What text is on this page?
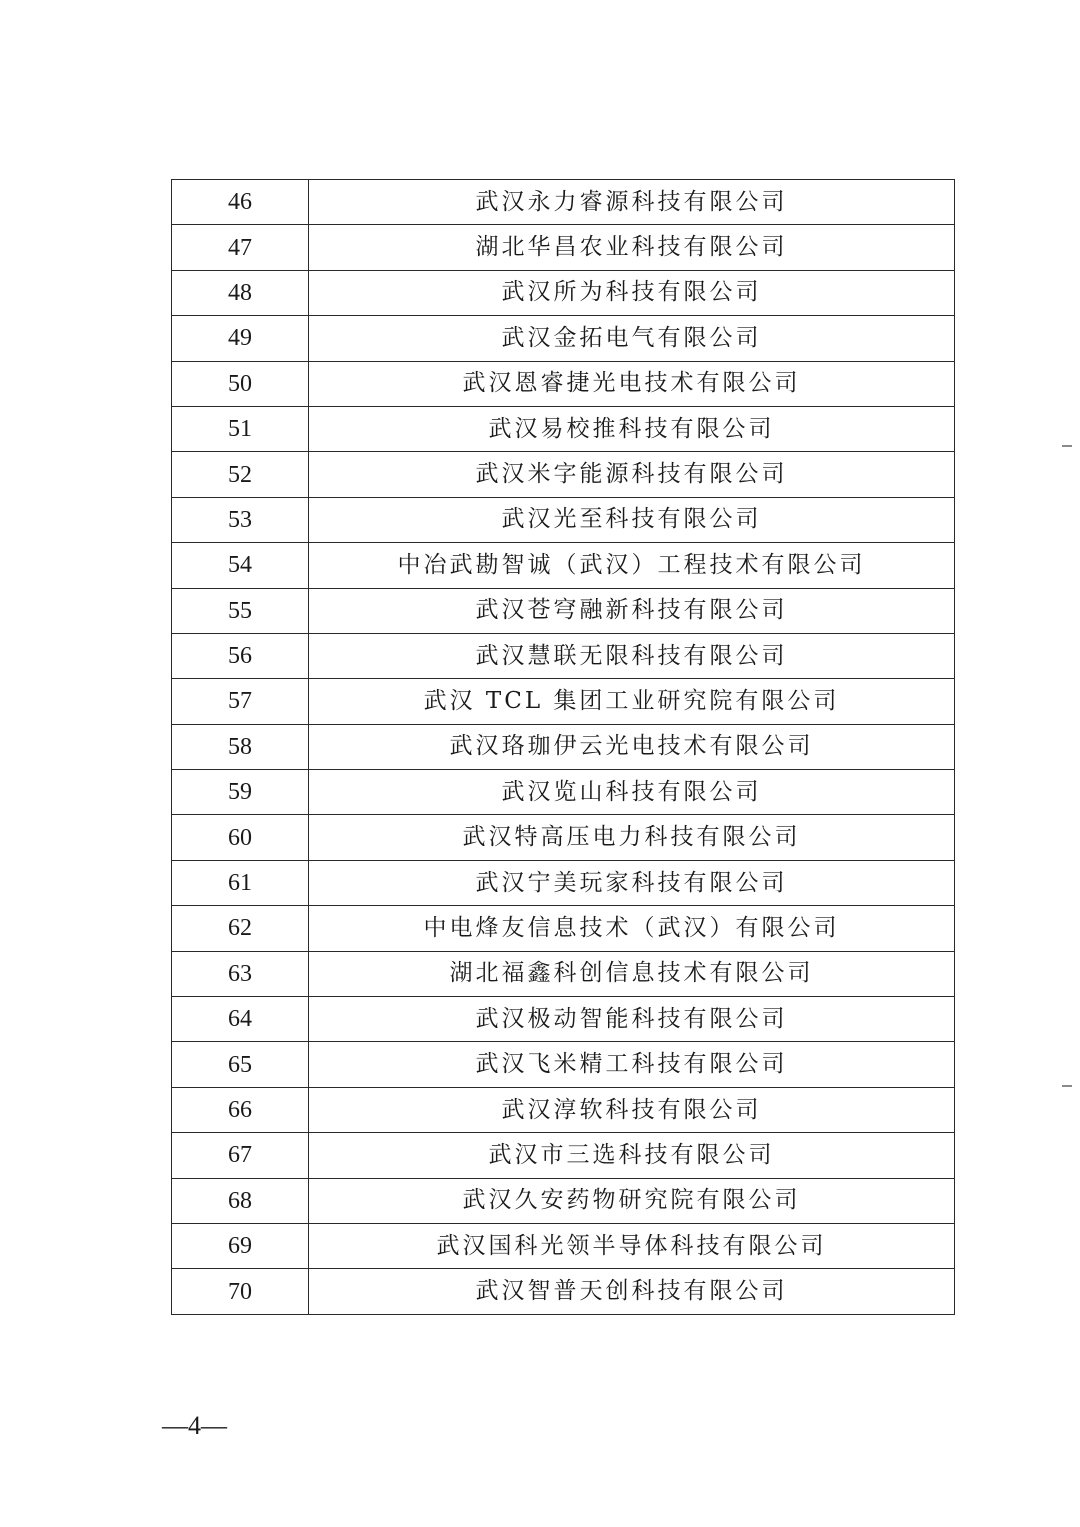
46	武汉永力睿源科技有限公司
47	湖北华昌农业科技有限公司
48	武汉所为科技有限公司
49	武汉金拓电气有限公司
50	武汉恩睿捷光电技术有限公司
51	武汉易校推科技有限公司
52	武汉米字能源科技有限公司
53	武汉光至科技有限公司
54	中冶武勘智诚（武汉）工程技术有限公司
55	武汉苍穹融新科技有限公司
56	武汉慧联无限科技有限公司
57	武汉 TCL 集团工业研究院有限公司
58	武汉珞珈伊云光电技术有限公司
59	武汉览山科技有限公司
60	武汉特高压电力科技有限公司
61	武汉宁美玩家科技有限公司
62	中电烽友信息技术（武汉）有限公司
63	湖北福鑫科创信息技术有限公司
64	武汉极动智能科技有限公司
65	武汉飞米精工科技有限公司
66	武汉淳软科技有限公司
67	武汉市三选科技有限公司
68	武汉久安药物研究院有限公司
69	武汉国科光领半导体科技有限公司
70	武汉智普天创科技有限公司
—4—
